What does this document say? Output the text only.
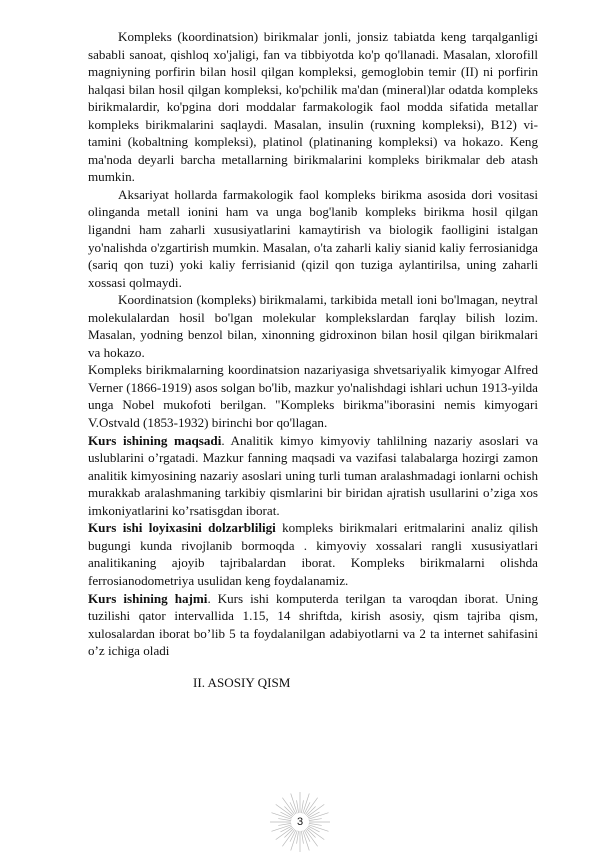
Kompleks (koordinatsion) birikmalar jonli, jonsiz tabiatda keng tarqalganligi sababli sanoat, qishloq xo'jaligi, fan va tibbiyotda ko'p qo'llanadi. Masalan, xlorofill magniyning porfirin bilan hosil qilgan kompleksi, gemoglobin temir (II) ni porfirin halqasi bilan hosil qilgan kompleksi, ko'pchilik ma'dan (mineral)lar odatda kompleks birikmalardir, ko'pgina dori moddalar farmakologik faol modda sifatida metallar kompleks birikmalarini saqlaydi. Masalan, insulin (ruxning kompleksi), B12) vi-tamini (kobaltning kompleksi), platinol (platinaning kompleksi) va hokazo. Keng ma'noda deyarli barcha metallarning birikmalarini kompleks birikmalar deb atash mumkin.

Aksariyat hollarda farmakologik faol kompleks birikma asosida dori vositasi olinganda metall ionini ham va unga bog'lanib kompleks birikma hosil qilgan ligandni ham zaharli xususiyatlarini kamaytirish va biologik faolligini istalgan yo'nalishda o'zgartirish mumkin. Masalan, o'ta zaharli kaliy sianid kaliy ferrosianidga (sariq qon tuzi) yoki kaliy ferrisianid (qizil qon tuziga aylantirilsa, uning zaharli xossasi qolmaydi.

Koordinatsion (kompleks) birikmalami, tarkibida metall ioni bo'lmagan, neytral molekulalardan hosil bo'lgan molekular komplekslardan farqlay bilish lozim. Masalan, yodning benzol bilan, xinonning gidroxinon bilan hosil qilgan birikmalari va hokazo.

Kompleks birikmalarning koordinatsion nazariyasiga shvetsariyalik kimyogar Alfred Verner (1866-1919) asos solgan bo'lib, mazkur yo'nalishdagi ishlari uchun 1913-yilda unga Nobel mukofoti berilgan. "Kompleks birikma"iborasini nemis kimyogari V.Ostvald (1853-1932) birinchi bor qo'llagan.

Kurs ishining maqsadi. Analitik kimyo kimyoviy tahlilning nazariy asoslari va uslublarini o’rgatadi. Mazkur fanning maqsadi va vazifasi talabalarga hozirgi zamon analitik kimyosining nazariy asoslari uning turli tuman aralashmadagi ionlarni ochish murakkab aralashmaning tarkibiy qismlarini bir biridan ajratish usullarini o’ziga xos imkoniyatlarini ko’rsatisgdan iborat.

Kurs ishi loyixasini dolzarbliligi kompleks birikmalari eritmalarini analiz qilish bugungi kunda rivojlanib bormoqda . kimyoviy xossalari rangli xususiyatlari analitikaning ajoyib tajribalardan iborat. Kompleks birikmalarni olishda ferrosianodometriya usulidan keng foydalanamiz.

Kurs ishining hajmi. Kurs ishi komputerda terilgan ta varoqdan iborat. Uning tuzilishi qator intervallida 1.15, 14 shriftda, kirish asosiy, qism tajriba qism, xulosalardan iborat bo’lib 5 ta foydalanilgan adabiyotlarni va 2 ta internet sahifasini o’z ichiga oladi

II. ASOSIY QISM

3
